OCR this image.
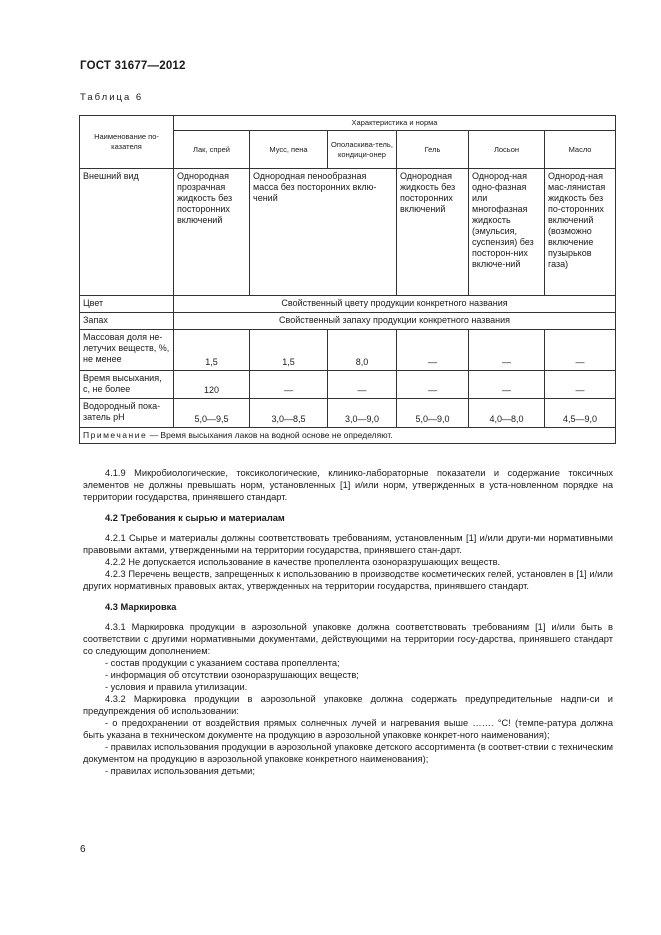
ГОСТ 31677—2012
Таблица 6
Наименование по-казателя	Характеристика и норма					
	Лак, спрей	Мусс, пена	Ополаскива-тель, кондици-онер	Гель	Лосьон	Масло
Внешний вид	Однородная прозрачная жидкость без посторонних включений	Однородная пенообразная масса без посторонних вклю-чений		Однородная жидкость без посторонних включений	Однород-ная одно-фазная или многофазная жидкость (эмульсия, суспензия) без посторон-них включе-ний	Однород-ная мас-лянистая жидкость без по-сторонних включений (возможно включение пузырьков газа)
Цвет	Свойственный цвету продукции конкретного названия					
Запах	Свойственный запаху продукции конкретного названия					
Массовая доля не-летучих веществ, %, не менее	1,5	1,5	8,0	—	—	—
Время высыхания, с, не более	120	—	—	—	—	—
Водородный пока-затель pH	5,0—9,5	3,0—8,5	3,0—9,0	5,0—9,0	4,0—8,0	4,5—9,0
Примечание — Время высыхания лаков на водной основе не определяют.						

4.1.9 Микробиологические, токсикологические, клинико-лабораторные показатели и содержание токсичных элементов не должны превышать норм, установленных [1] и/или норм, утвержденных в уста-новленном порядке на территории государства, принявшего стандарт.

4.2 Требования к сырью и материалам

4.2.1 Сырье и материалы должны соответствовать требованиям, установленным [1] и/или други-ми нормативными правовыми актами, утвержденными на территории государства, принявшего стан-дарт.

4.2.2 Не допускается использование в качестве пропеллента озоноразрушающих веществ.

4.2.3 Перечень веществ, запрещенных к использованию в производстве косметических гелей, установлен в [1] и/или других нормативных правовых актах, утвержденных на территории государства, принявшего стандарт.

4.3 Маркировка

4.3.1 Маркировка продукции в аэрозольной упаковке должна соответствовать требованиям [1] и/или быть в соответствии с другими нормативными документами, действующими на территории госу-дарства, принявшего стандарт со следующим дополнением:

- состав продукции с указанием состава пропеллента;

- информация об отсутствии озоноразрушающих веществ;

- условия и правила утилизации.

4.3.2 Маркировка продукции в аэрозольной упаковке должна содержать предупредительные надпи-си и предупреждения об использовании:

- о предохранении от воздействия прямых солнечных лучей и нагревания выше ……. °C! (темпе-ратура должна быть указана в техническом документе на продукцию в аэрозольной упаковке конкрет-ного наименования);

- правилах использования продукции в аэрозольной упаковке детского ассортимента (в соответ-ствии с техническим документом на продукцию в аэрозольной упаковке конкретного наименования);

- правилах использования детьми;

6
